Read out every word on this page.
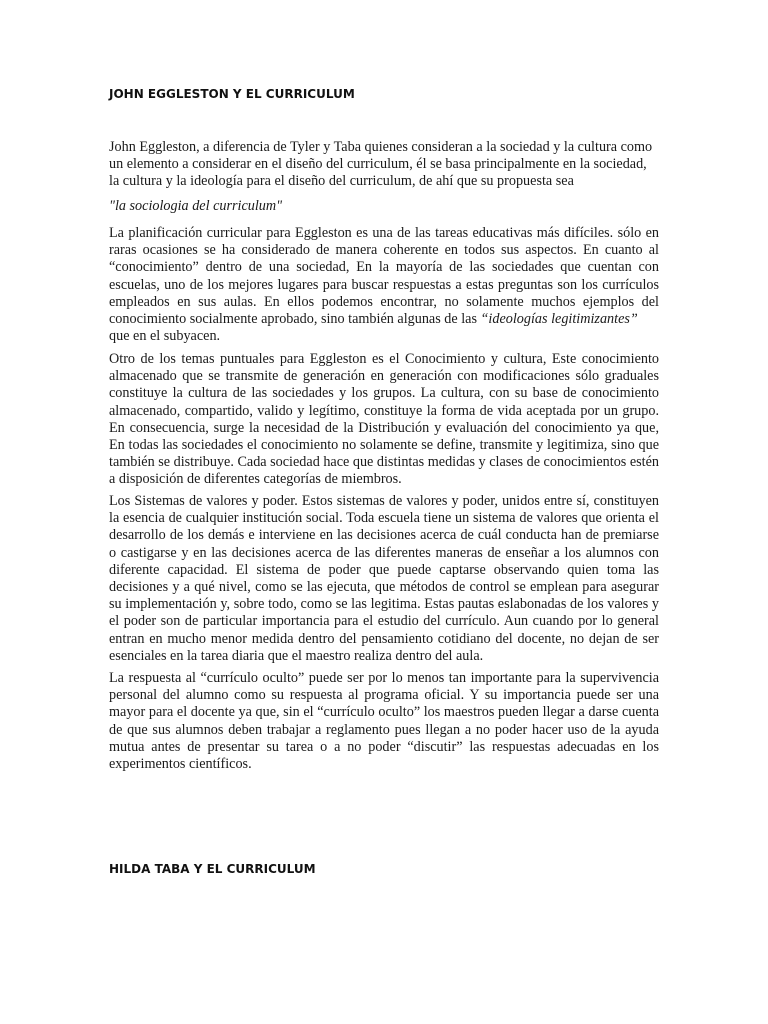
JOHN EGGLESTON Y EL CURRICULUM

John Eggleston, a diferencia de Tyler y Taba quienes consideran a la sociedad y la cultura como un elemento a considerar en el diseño del curriculum, él se basa principalmente en la sociedad, la cultura y la ideología para el diseño del curriculum, de ahí que su propuesta sea

"la sociologia del curriculum"

La planificación curricular para Eggleston es una de las tareas educativas más difíciles. sólo en raras ocasiones se ha considerado de manera coherente en todos sus aspectos. En cuanto al “conocimiento” dentro de una sociedad, En la mayoría de las sociedades que cuentan con escuelas, uno de los mejores lugares para buscar respuestas a estas preguntas son los currículos empleados en sus aulas. En ellos podemos encontrar, no solamente muchos ejemplos del conocimiento socialmente aprobado, sino también algunas de las “ideologías legitimizantes”
que en el subyacen.

Otro de los temas puntuales para Eggleston es el Conocimiento y cultura, Este conocimiento almacenado que se transmite de generación en generación con modificaciones sólo graduales constituye la cultura de las sociedades y los grupos. La cultura, con su base de conocimiento almacenado, compartido, valido y legítimo, constituye la forma de vida aceptada por un grupo. En consecuencia, surge la necesidad de la Distribución y evaluación del conocimiento ya que, En todas las sociedades el conocimiento no solamente se define, transmite y legitimiza, sino que también se distribuye. Cada sociedad hace que distintas medidas y clases de conocimientos estén a disposición de diferentes categorías de miembros.

Los Sistemas de valores y poder. Estos sistemas de valores y poder, unidos entre sí, constituyen la esencia de cualquier institución social. Toda escuela tiene un sistema de valores que orienta el desarrollo de los demás e interviene en las decisiones acerca de cuál conducta han de premiarse o castigarse y en las decisiones acerca de las diferentes maneras de enseñar a los alumnos con diferente capacidad. El sistema de poder que puede captarse observando quien toma las decisiones y a qué nivel, como se las ejecuta, que métodos de control se emplean para asegurar su implementación y, sobre todo, como se las legitima. Estas pautas eslabonadas de los valores y el poder son de particular importancia para el estudio del currículo. Aun cuando por lo general entran en mucho menor medida dentro del pensamiento cotidiano del docente, no dejan de ser esenciales en la tarea diaria que el maestro realiza dentro del aula.

La respuesta al “currículo oculto” puede ser por lo menos tan importante para la supervivencia personal del alumno como su respuesta al programa oficial. Y su importancia puede ser una mayor para el docente ya que, sin el “currículo oculto” los maestros pueden llegar a darse cuenta de que sus alumnos deben trabajar a reglamento pues llegan a no poder hacer uso de la ayuda mutua antes de presentar su tarea o a no poder “discutir” las respuestas adecuadas en los experimentos científicos.

HILDA TABA Y EL CURRICULUM
